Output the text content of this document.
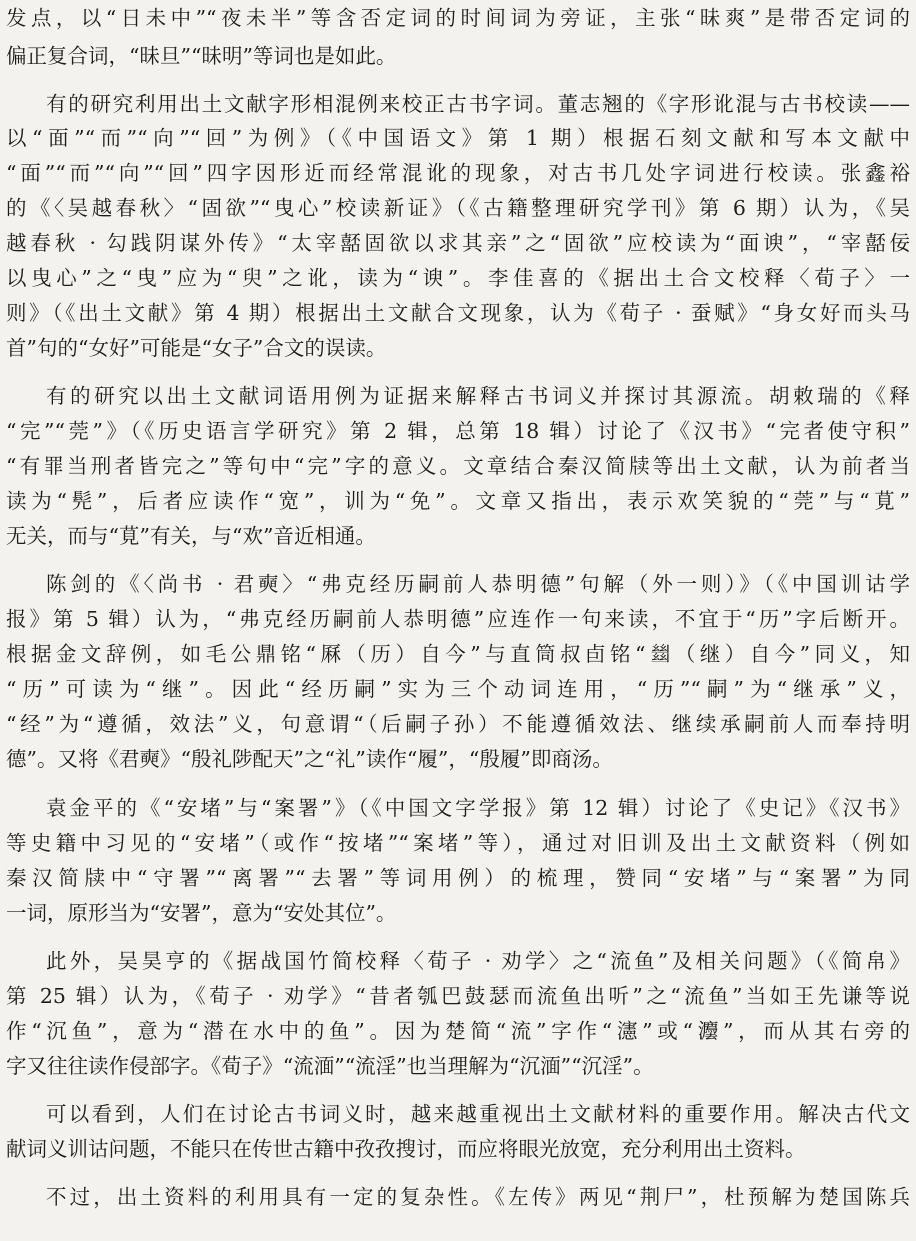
发点，以“日未中”“夜未半”等含否定词的时间词为旁证，主张“昧爽”是带否定词的
偏正复合词，“昧旦”“昧明”等词也是如此。
有的研究利用出土文献字形相混例来校正古书字词。董志翘的《字形讹混与古书校读——
以“面”“而”“向”“回”为例》（《中国语文》第 1 期）根据石刻文献和写本文献中
“面”“而”“向”“回”四字因形近而经常混讹的现象，对古书几处字词进行校读。张鑫裕
的《〈吴越春秋〉“固欲”“曳心”校读新证》（《古籍整理研究学刊》第 6 期）认为，《吴
越春秋 · 勾践阴谋外传》“太宰嚭固欲以求其亲”之“固欲”应校读为“面谀”，“宰嚭佞
以曳心”之“曳”应为“臾”之讹，读为“谀”。李佳喜的《据出土合文校释〈荀子〉一
则》（《出土文献》第 4 期）根据出土文献合文现象，认为《荀子 · 蚕赋》“身女好而头马
首”句的“女好”可能是“女子”合文的误读。
有的研究以出土文献词语用例为证据来解释古书词义并探讨其源流。胡敕瑞的《释
“完”“莞”》（《历史语言学研究》第 2 辑，总第 18 辑）讨论了《汉书》“完者使守积”
“有罪当刑者皆完之”等句中“完”字的意义。文章结合秦汉简牍等出土文献，认为前者当
读为“髡”，后者应读作“宽”，训为“免”。文章又指出，表示欢笑貌的“莞”与“莧”
无关，而与“莧”有关，与“欢”音近相通。
陈剑的《〈尚书 · 君奭〉“弗克经历嗣前人恭明德”句解（外一则）》（《中国训诂学
报》第 5 辑）认为，“弗克经历嗣前人恭明德”应连作一句来读，不宜于“历”字后断开。
根据金文辞例，如毛公鼎铭“厤（历）自今”与直筒叔卣铭“𢇍（继）自今”同义，知
“历”可读为“继”。因此“经历嗣”实为三个动词连用，“历”“嗣”为“继承”义，
“经”为“遵循，效法”义，句意谓“（后嗣子孙）不能遵循效法、继续承嗣前人而奉持明
德”。又将《君奭》“殷礼陟配天”之“礼”读作“履”，“殷履”即商汤。
袁金平的《“安堵”与“案署”》（《中国文字学报》第 12 辑）讨论了《史记》《汉书》
等史籍中习见的“安堵”（或作“按堵”“案堵”等），通过对旧训及出土文献资料（例如
秦汉简牍中“守署”“离署”“去署”等词用例）的梳理，赞同“安堵”与“案署”为同
一词，原形当为“安署”，意为“安处其位”。
此外，吴昊亨的《据战国竹简校释〈荀子 · 劝学〉之“流鱼”及相关问题》（《简帛》
第 25 辑）认为，《荀子 · 劝学》“昔者瓠巴鼓瑟而流鱼出听”之“流鱼”当如王先谦等说
作“沉鱼”，意为“潜在水中的鱼”。因为楚简“流”字作“瀗”或“灋”，而从其右旁的
字又往往读作侵部字。《荀子》“流湎”“流淫”也当理解为“沉湎”“沉淫”。
可以看到，人们在讨论古书词义时，越来越重视出土文献材料的重要作用。解决古代文
献词义训诂问题，不能只在传世古籍中孜孜搜讨，而应将眼光放宽，充分利用出土资料。
不过，出土资料的利用具有一定的复杂性。《左传》两见“荆尸”，杜预解为楚国陈兵
